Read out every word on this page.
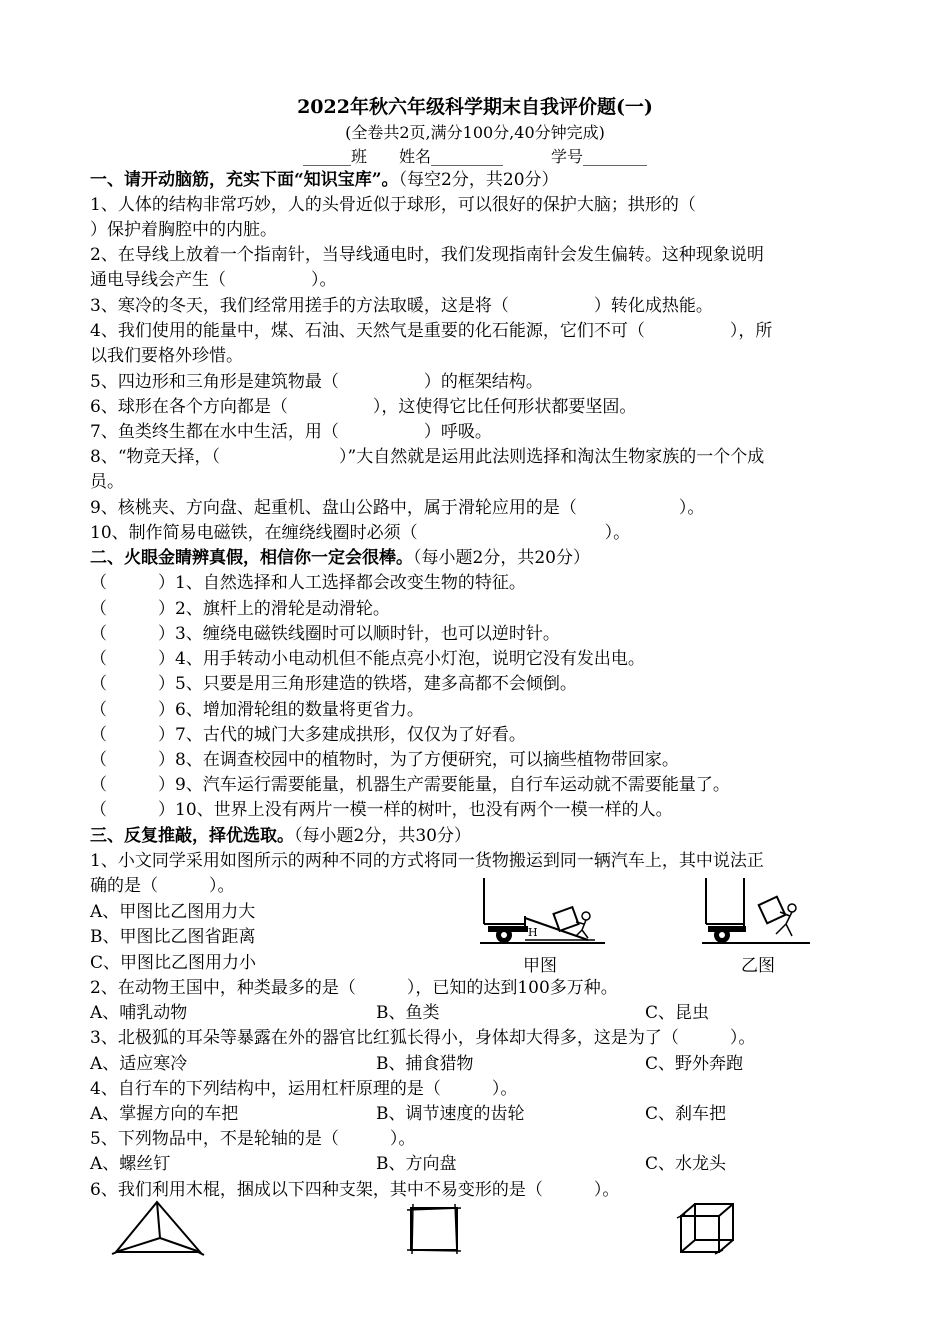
2022年秋六年级科学期末自我评价题(一)
(全卷共2页,满分100分,40分钟完成)
______班　　姓名_________　　　学号________
一、请开动脑筋，充实下面“知识宝库”。（每空2分，共20分）
1、人体的结构非常巧妙，人的头骨近似于球形，可以很好的保护大脑；拱形的（
）保护着胸腔中的内脏。
2、在导线上放着一个指南针，当导线通电时，我们发现指南针会发生偏转。这种现象说明
通电导线会产生（　　　　　）。
3、寒冷的冬天，我们经常用搓手的方法取暖，这是将（　　　　　）转化成热能。
4、我们使用的能量中，煤、石油、天然气是重要的化石能源，它们不可（　　　　　），所
以我们要格外珍惜。
5、四边形和三角形是建筑物最（　　　　　）的框架结构。
6、球形在各个方向都是（　　　　　），这使得它比任何形状都要坚固。
7、鱼类终生都在水中生活，用（　　　　　）呼吸。
8、“物竞天择，（　　　　　　　）”大自然就是运用此法则选择和淘汰生物家族的一个个成
员。
9、核桃夹、方向盘、起重机、盘山公路中，属于滑轮应用的是（　　　　　　）。
10、制作简易电磁铁，在缠绕线圈时必须（　　　　　　　　　　　）。
二、火眼金睛辨真假，相信你一定会很棒。（每小题2分，共20分）
（　　　）1、自然选择和人工选择都会改变生物的特征。
（　　　）2、旗杆上的滑轮是动滑轮。
（　　　）3、缠绕电磁铁线圈时可以顺时针，也可以逆时针。
（　　　）4、用手转动小电动机但不能点亮小灯泡，说明它没有发出电。
（　　　）5、只要是用三角形建造的铁塔，建多高都不会倾倒。
（　　　）6、增加滑轮组的数量将更省力。
（　　　）7、古代的城门大多建成拱形，仅仅为了好看。
（　　　）8、在调查校园中的植物时，为了方便研究，可以摘些植物带回家。
（　　　）9、汽车运行需要能量，机器生产需要能量，自行车运动就不需要能量了。
（　　　）10、世界上没有两片一模一样的树叶，也没有两个一模一样的人。
三、反复推敲，择优选取。（每小题2分，共30分）
1、小文同学采用如图所示的两种不同的方式将同一货物搬运到同一辆汽车上，其中说法正
确的是（　　　）。
A、甲图比乙图用力大
B、甲图比乙图省距离
C、甲图比乙图用力小
H
甲图	乙图
2、在动物王国中，种类最多的是（　　　），已知的达到100多万种。
A、哺乳动物	B、鱼类	C、昆虫
3、北极狐的耳朵等暴露在外的器官比红狐长得小，身体却大得多，这是为了（　　　）。
A、适应寒冷	B、捕食猎物	C、野外奔跑
4、自行车的下列结构中，运用杠杆原理的是（　　　）。
A、掌握方向的车把	B、调节速度的齿轮	C、刹车把
5、下列物品中，不是轮轴的是（　　　）。
A、螺丝钉	B、方向盘	C、水龙头
6、我们利用木棍，捆成以下四种支架，其中不易变形的是（　　　）。
